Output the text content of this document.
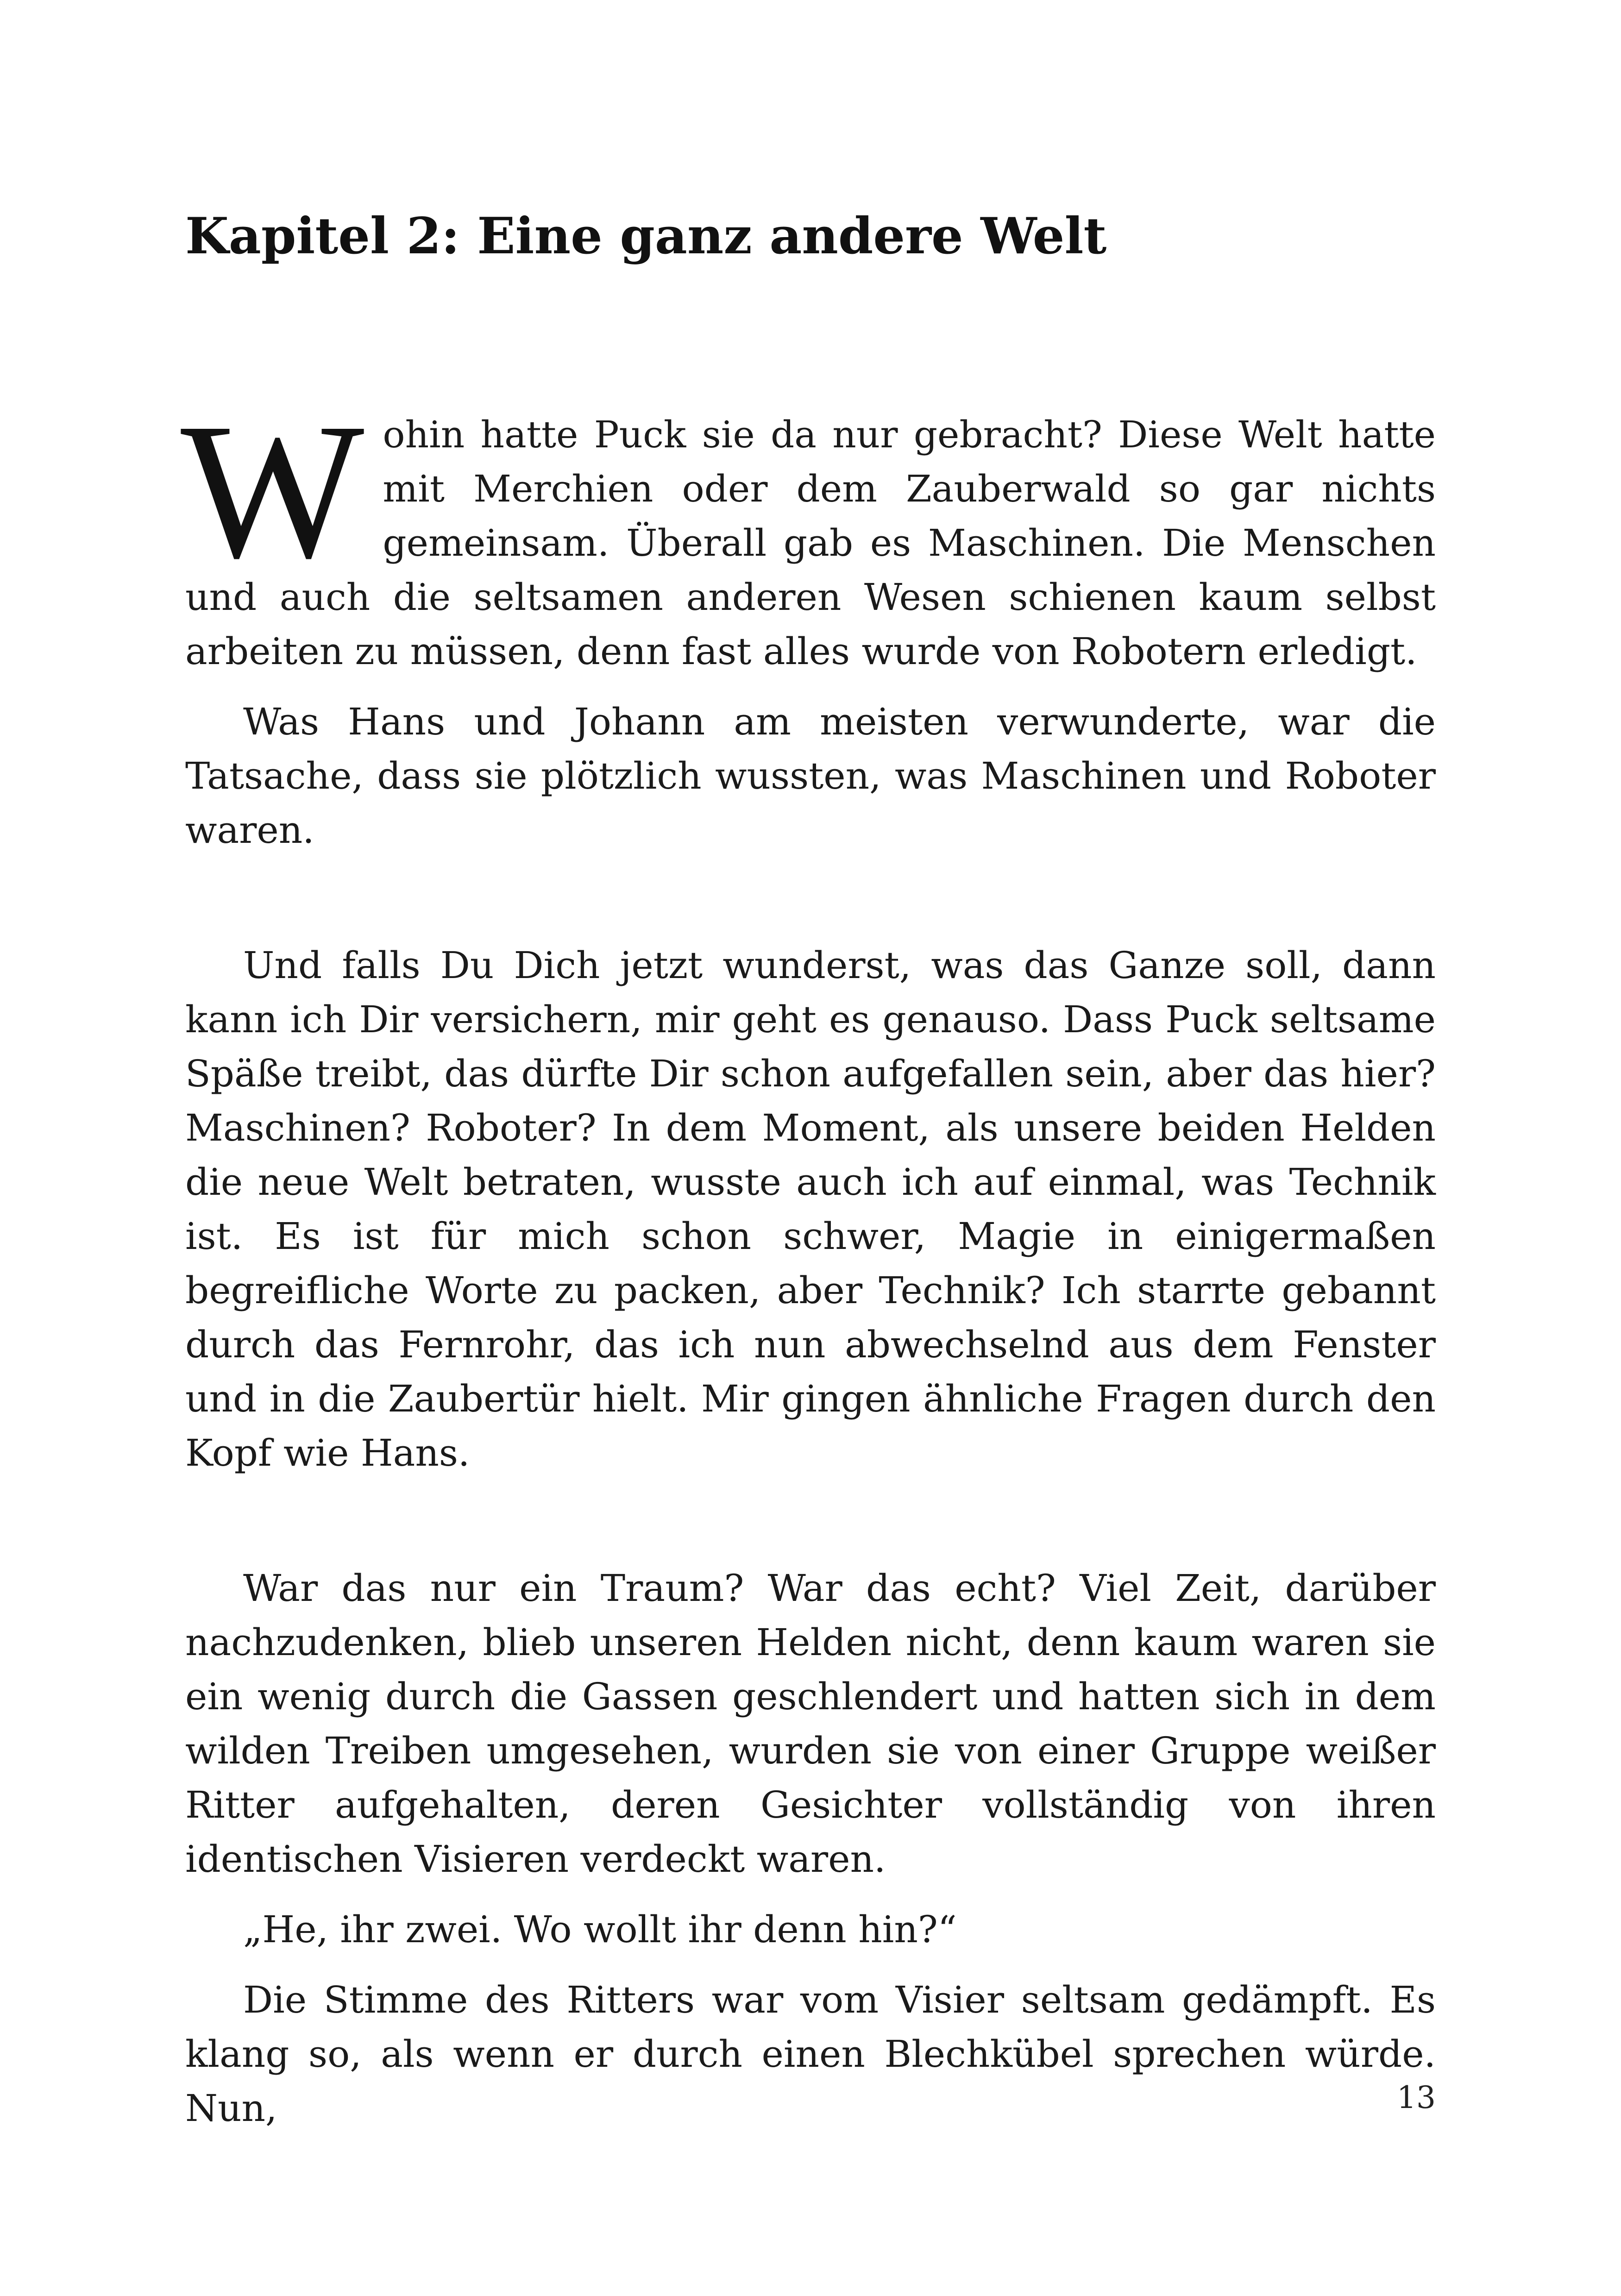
Kapitel 2: Eine ganz andere Welt

Wohin hatte Puck sie da nur gebracht? Diese Welt hatte mit Merchien oder dem Zauberwald so gar nichts gemeinsam. Überall gab es Maschinen. Die Menschen und auch die seltsamen anderen Wesen schienen kaum selbst arbeiten zu müssen, denn fast alles wurde von Robotern erledigt.

Was Hans und Johann am meisten verwunderte, war die Tatsache, dass sie plötzlich wussten, was Maschinen und Roboter waren.

Und falls Du Dich jetzt wunderst, was das Ganze soll, dann kann ich Dir versichern, mir geht es genauso. Dass Puck seltsame Späße treibt, das dürfte Dir schon aufgefallen sein, aber das hier? Maschinen? Roboter? In dem Moment, als unsere beiden Helden die neue Welt betraten, wusste auch ich auf einmal, was Technik ist. Es ist für mich schon schwer, Magie in einigermaßen begreifliche Worte zu packen, aber Technik? Ich starrte gebannt durch das Fernrohr, das ich nun abwechselnd aus dem Fenster und in die Zaubertür hielt. Mir gingen ähnliche Fragen durch den Kopf wie Hans.

War das nur ein Traum? War das echt? Viel Zeit, darüber nachzudenken, blieb unseren Helden nicht, denn kaum waren sie ein wenig durch die Gassen geschlendert und hatten sich in dem wilden Treiben umgesehen, wurden sie von einer Gruppe weißer Ritter aufgehalten, deren Gesichter vollständig von ihren identischen Visieren verdeckt waren.

„He, ihr zwei. Wo wollt ihr denn hin?“

Die Stimme des Ritters war vom Visier seltsam gedämpft. Es klang so, als wenn er durch einen Blechkübel sprechen würde. Nun,	13
